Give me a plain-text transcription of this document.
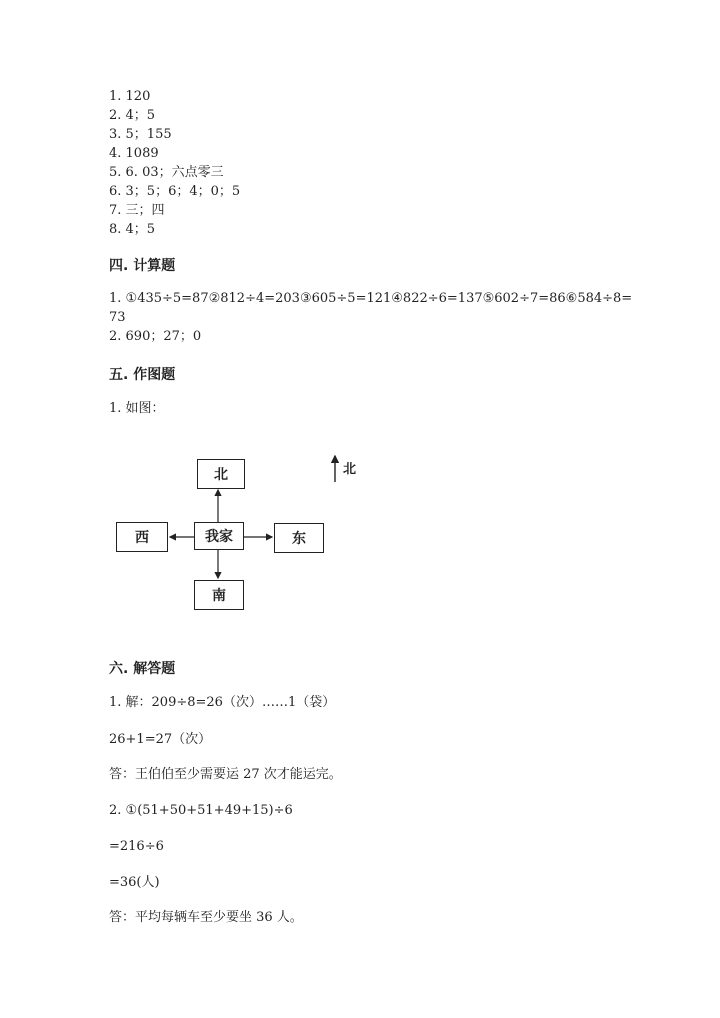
1. 120
2. 4；5
3. 5；155
4. 1089
5. 6. 03；六点零三
6. 3；5；6；4；0；5
7. 三；四
8. 4；5
四. 计算题
1. ①435÷5=87②812÷4=203③605÷5=121④822÷6=137⑤602÷7=86⑥584÷8=
73
2. 690；27；0
五. 作图题
1. 如图：
北
我家
西	东
南
北
六. 解答题
1. 解：209÷8=26（次）……1（袋）
26+1=27（次）
答：王伯伯至少需要运 27 次才能运完。
2. ①(51+50+51+49+15)÷6
=216÷6
=36(人)
答：平均每辆车至少要坐 36 人。
